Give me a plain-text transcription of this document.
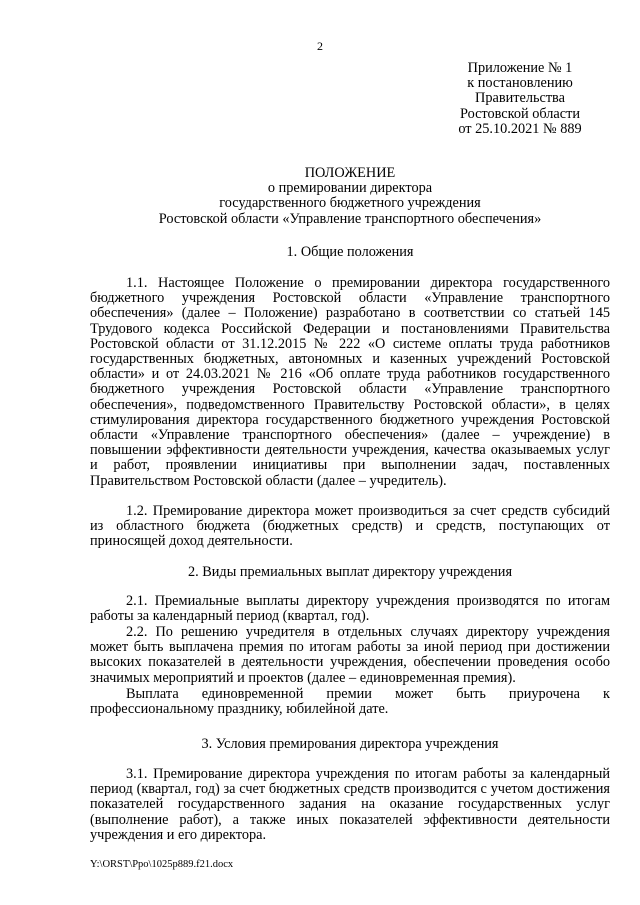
2
Приложение № 1
к постановлению
Правительства
Ростовской области
от 25.10.2021 № 889
ПОЛОЖЕНИЕ
о премировании директора
государственного бюджетного учреждения
Ростовской области «Управление транспортного обеспечения»
1. Общие положения

1.1. Настоящее Положение о премировании директора государственного бюджетного учреждения Ростовской области «Управление транспортного обеспечения» (далее – Положение) разработано в соответствии со статьей 145 Трудового кодекса Российской Федерации и постановлениями Правительства Ростовской области от 31.12.2015 № 222 «О системе оплаты труда работников государственных бюджетных, автономных и казенных учреждений Ростовской области» и от 24.03.2021 № 216 «Об оплате труда работников государственного бюджетного учреждения Ростовской области «Управление транспортного обеспечения», подведомственного Правительству Ростовской области», в целях стимулирования директора государственного бюджетного учреждения Ростовской области «Управление транспортного обеспечения» (далее – учреждение) в повышении эффективности деятельности учреждения, качества оказываемых услуг и работ, проявлении инициативы при выполнении задач, поставленных Правительством Ростовской области (далее – учредитель).

1.2. Премирование директора может производиться за счет средств субсидий из областного бюджета (бюджетных средств) и средств, поступающих от приносящей доход деятельности.

2. Виды премиальных выплат директору учреждения

2.1. Премиальные выплаты директору учреждения производятся по итогам работы за календарный период (квартал, год).

2.2. По решению учредителя в отдельных случаях директору учреждения может быть выплачена премия по итогам работы за иной период при достижении высоких показателей в деятельности учреждения, обеспечении проведения особо значимых мероприятий и проектов (далее – единовременная премия).

Выплата единовременной премии может быть приурочена к профессиональному празднику, юбилейной дате.

3. Условия премирования директора учреждения

3.1. Премирование директора учреждения по итогам работы за календарный период (квартал, год) за счет бюджетных средств производится с учетом достижения показателей государственного задания на оказание государственных услуг (выполнение работ), а также иных показателей эффективности деятельности учреждения и его директора.

Y:\ORST\Ppo\1025p889.f21.docx
